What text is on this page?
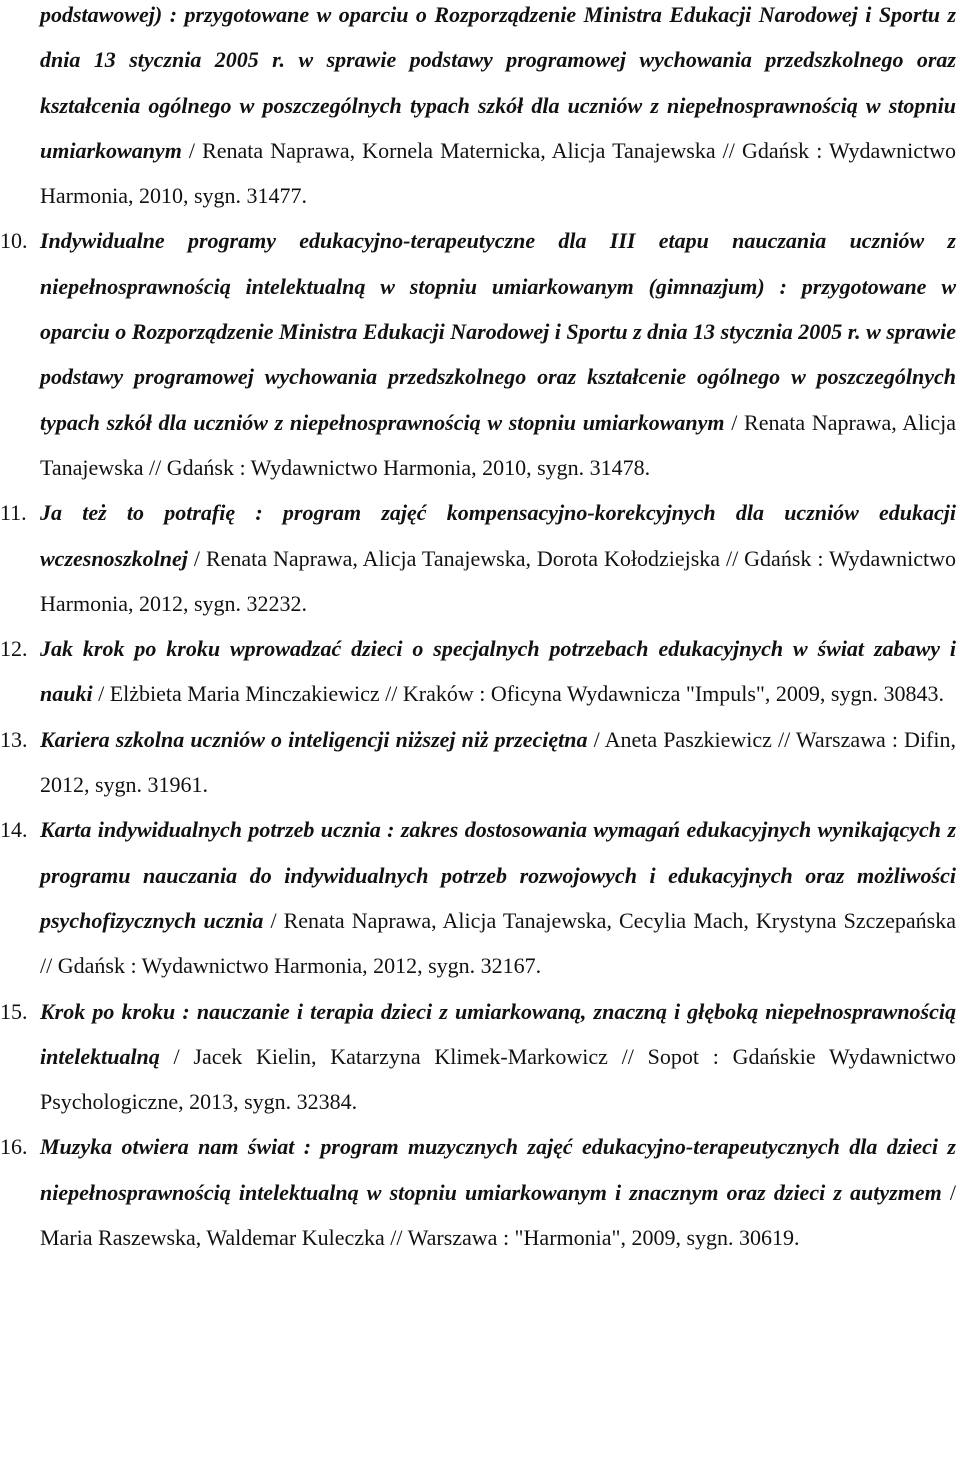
podstawowej) : przygotowane w oparciu o Rozporządzenie Ministra Edukacji Narodowej i Sportu z dnia 13 stycznia 2005 r. w sprawie podstawy programowej wychowania przedszkolnego oraz kształcenia ogólnego w poszczególnych typach szkół dla uczniów z niepełnosprawnością w stopniu umiarkowanym / Renata Naprawa, Kornela Maternicka, Alicja Tanajewska // Gdańsk : Wydawnictwo Harmonia, 2010, sygn. 31477.
10. Indywidualne programy edukacyjno-terapeutyczne dla III etapu nauczania uczniów z niepełnosprawnością intelektualną w stopniu umiarkowanym (gimnazjum) : przygotowane w oparciu o Rozporządzenie Ministra Edukacji Narodowej i Sportu z dnia 13 stycznia 2005 r. w sprawie podstawy programowej wychowania przedszkolnego oraz kształcenie ogólnego w poszczególnych typach szkół dla uczniów z niepełnosprawnością w stopniu umiarkowanym / Renata Naprawa, Alicja Tanajewska // Gdańsk : Wydawnictwo Harmonia, 2010, sygn. 31478.
11. Ja też to potrafię : program zajęć kompensacyjno-korekcyjnych dla uczniów edukacji wczesnoszkolnej / Renata Naprawa, Alicja Tanajewska, Dorota Kołodziejska // Gdańsk : Wydawnictwo Harmonia, 2012, sygn. 32232.
12. Jak krok po kroku wprowadzać dzieci o specjalnych potrzebach edukacyjnych w świat zabawy i nauki / Elżbieta Maria Minczakiewicz // Kraków : Oficyna Wydawnicza "Impuls", 2009, sygn. 30843.
13. Kariera szkolna uczniów o inteligencji niższej niż przeciętna / Aneta Paszkiewicz // Warszawa : Difin, 2012, sygn. 31961.
14. Karta indywidualnych potrzeb ucznia : zakres dostosowania wymagań edukacyjnych wynikających z programu nauczania do indywidualnych potrzeb rozwojowych i edukacyjnych oraz możliwości psychofizycznych ucznia / Renata Naprawa, Alicja Tanajewska, Cecylia Mach, Krystyna Szczepańska // Gdańsk : Wydawnictwo Harmonia, 2012, sygn. 32167.
15. Krok po kroku : nauczanie i terapia dzieci z umiarkowaną, znaczną i głęboką niepełnosprawnością intelektualną / Jacek Kielin, Katarzyna Klimek-Markowicz // Sopot : Gdańskie Wydawnictwo Psychologiczne, 2013, sygn. 32384.
16. Muzyka otwiera nam świat : program muzycznych zajęć edukacyjno-terapeutycznych dla dzieci z niepełnosprawnością intelektualną w stopniu umiarkowanym i znacznym oraz dzieci z autyzmem / Maria Raszewska, Waldemar Kuleczka // Warszawa : "Harmonia", 2009, sygn. 30619.
